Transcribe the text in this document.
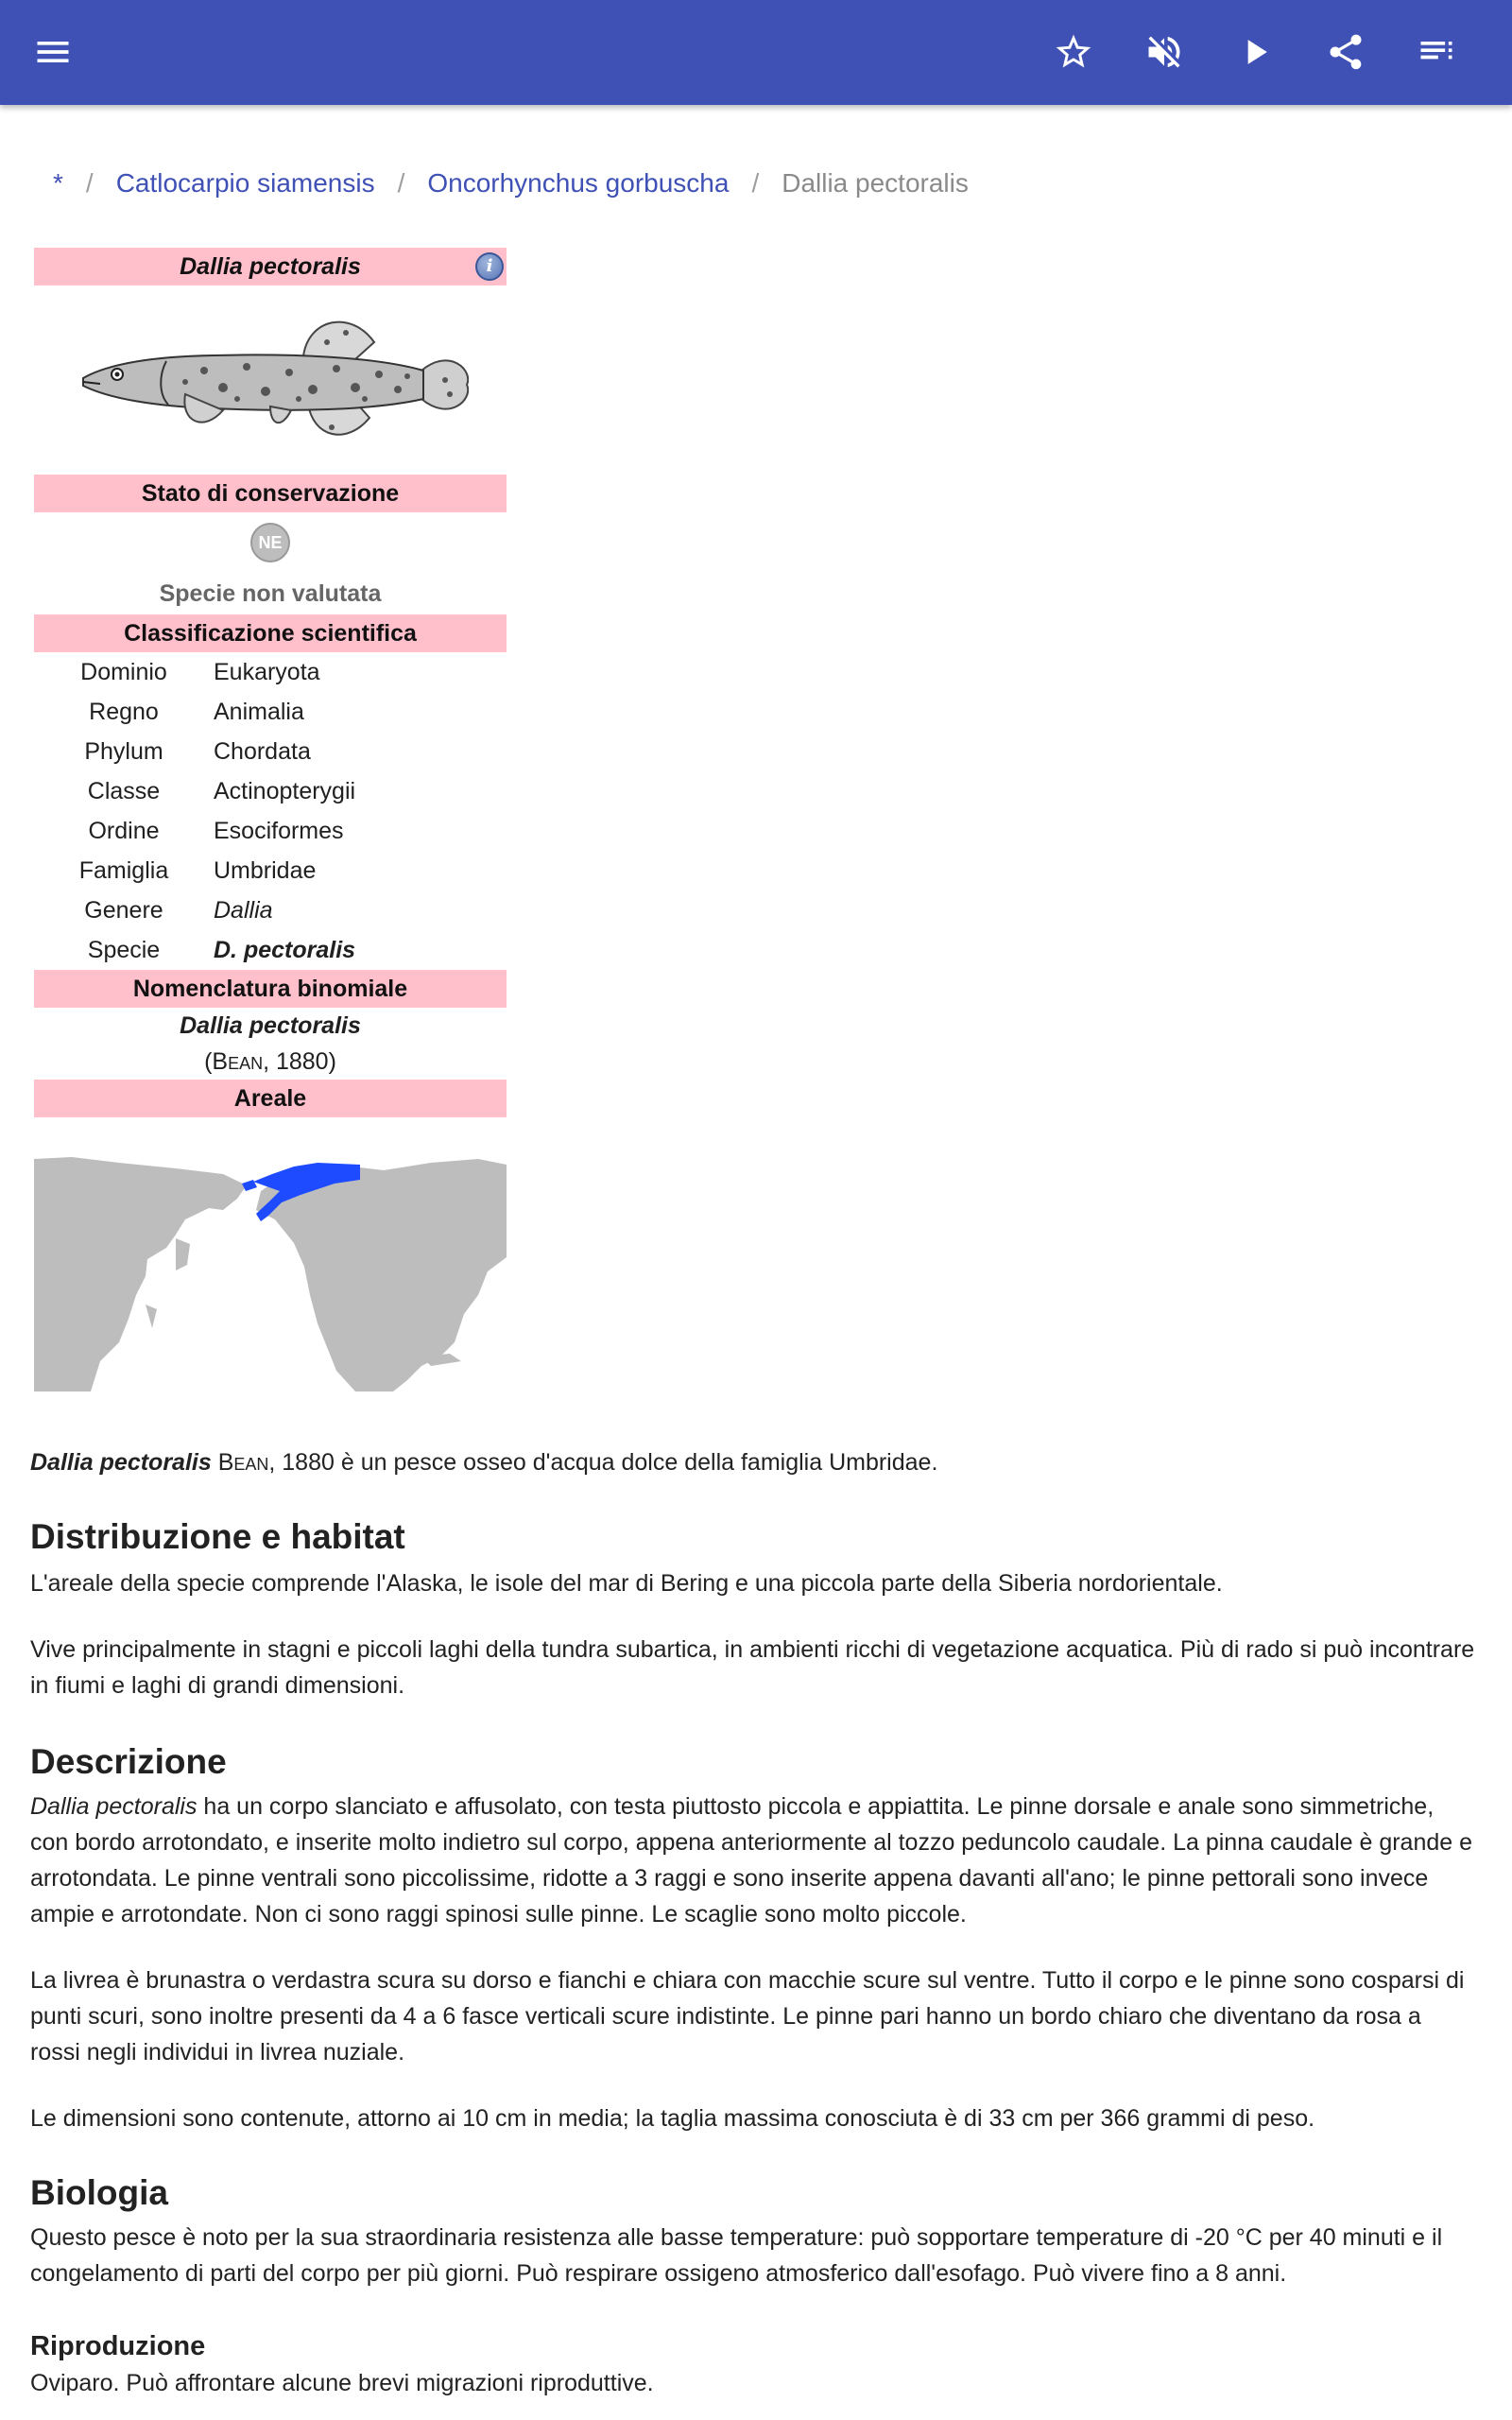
* / Catlocarpio siamensis / Oncorhynchus gorbuscha / Dallia pectoralis
Dallia pectoralis	i
Stato di conservazione
NE
Specie non valutata
Classificazione scientifica
Dominio	Eukaryota
Regno	Animalia
Phylum	Chordata
Classe	Actinopterygii
Ordine	Esociformes
Famiglia	Umbridae
Genere	Dallia
Specie	D. pectoralis
Nomenclatura binomiale
Dallia pectoralis
(Bean, 1880)
Areale
Dallia pectoralis Bean, 1880 è un pesce osseo d'acqua dolce della famiglia Umbridae.
Distribuzione e habitat

L'areale della specie comprende l'Alaska, le isole del mar di Bering e una piccola parte della Siberia nordorientale.

Vive principalmente in stagni e piccoli laghi della tundra subartica, in ambienti ricchi di vegetazione acquatica. Più di rado si può incontrare in fiumi e laghi di grandi dimensioni.

Descrizione

Dallia pectoralis ha un corpo slanciato e affusolato, con testa piuttosto piccola e appiattita. Le pinne dorsale e anale sono simmetriche, con bordo arrotondato, e inserite molto indietro sul corpo, appena anteriormente al tozzo peduncolo caudale. La pinna caudale è grande e arrotondata. Le pinne ventrali sono piccolissime, ridotte a 3 raggi e sono inserite appena davanti all'ano; le pinne pettorali sono invece ampie e arrotondate. Non ci sono raggi spinosi sulle pinne. Le scaglie sono molto piccole.

La livrea è brunastra o verdastra scura su dorso e fianchi e chiara con macchie scure sul ventre. Tutto il corpo e le pinne sono cosparsi di punti scuri, sono inoltre presenti da 4 a 6 fasce verticali scure indistinte. Le pinne pari hanno un bordo chiaro che diventano da rosa a rossi negli individui in livrea nuziale.

Le dimensioni sono contenute, attorno ai 10 cm in media; la taglia massima conosciuta è di 33 cm per 366 grammi di peso.

Biologia

Questo pesce è noto per la sua straordinaria resistenza alle basse temperature: può sopportare temperature di -20 °C per 40 minuti e il congelamento di parti del corpo per più giorni. Può respirare ossigeno atmosferico dall'esofago. Può vivere fino a 8 anni.

Riproduzione

Oviparo. Può affrontare alcune brevi migrazioni riproduttive.
